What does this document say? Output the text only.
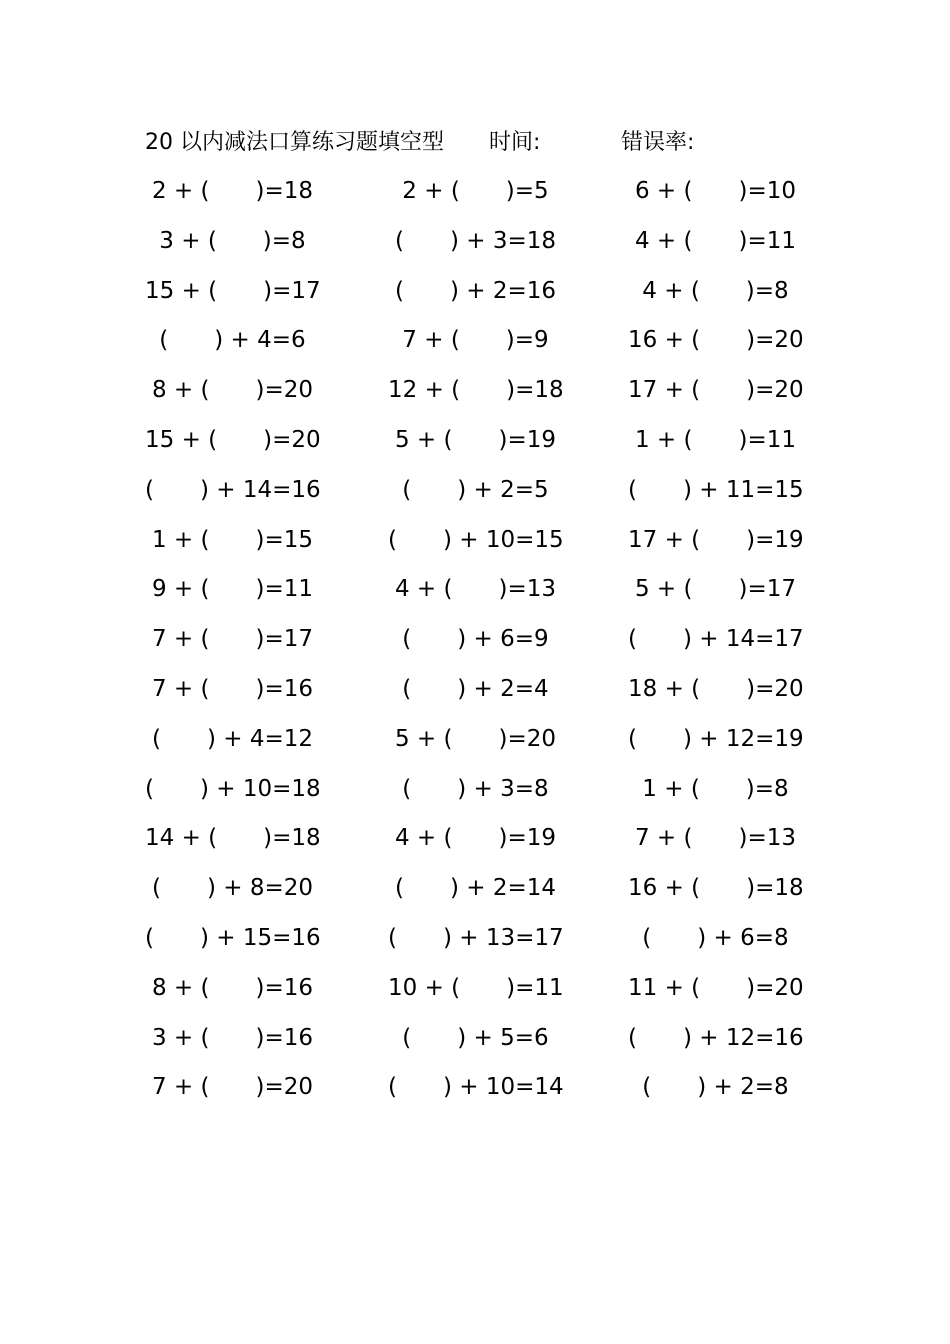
20 以内减法口算练习题填空型 时间:	错误率:
2 + (　　)=18	2 + (　　)=5	6 + (　　)=10
3 + (　　)=8	(　　) + 3=18	4 + (　　)=11
15 + (　　)=17	(　　) + 2=16	4 + (　　)=8
(　　) + 4=6	7 + (　　)=9	16 + (　　)=20
8 + (　　)=20	12 + (　　)=18	17 + (　　)=20
15 + (　　)=20	5 + (　　)=19	1 + (　　)=11
(　　) + 14=16	(　　) + 2=5	(　　) + 11=15
1 + (　　)=15	(　　) + 10=15	17 + (　　)=19
9 + (　　)=11	4 + (　　)=13	5 + (　　)=17
7 + (　　)=17	(　　) + 6=9	(　　) + 14=17
7 + (　　)=16	(　　) + 2=4	18 + (　　)=20
(　　) + 4=12	5 + (　　)=20	(　　) + 12=19
(　　) + 10=18	(　　) + 3=8	1 + (　　)=8
14 + (　　)=18	4 + (　　)=19	7 + (　　)=13
(　　) + 8=20	(　　) + 2=14	16 + (　　)=18
(　　) + 15=16	(　　) + 13=17	(　　) + 6=8
8 + (　　)=16	10 + (　　)=11	11 + (　　)=20
3 + (　　)=16	(　　) + 5=6	(　　) + 12=16
7 + (　　)=20	(　　) + 10=14	(　　) + 2=8
